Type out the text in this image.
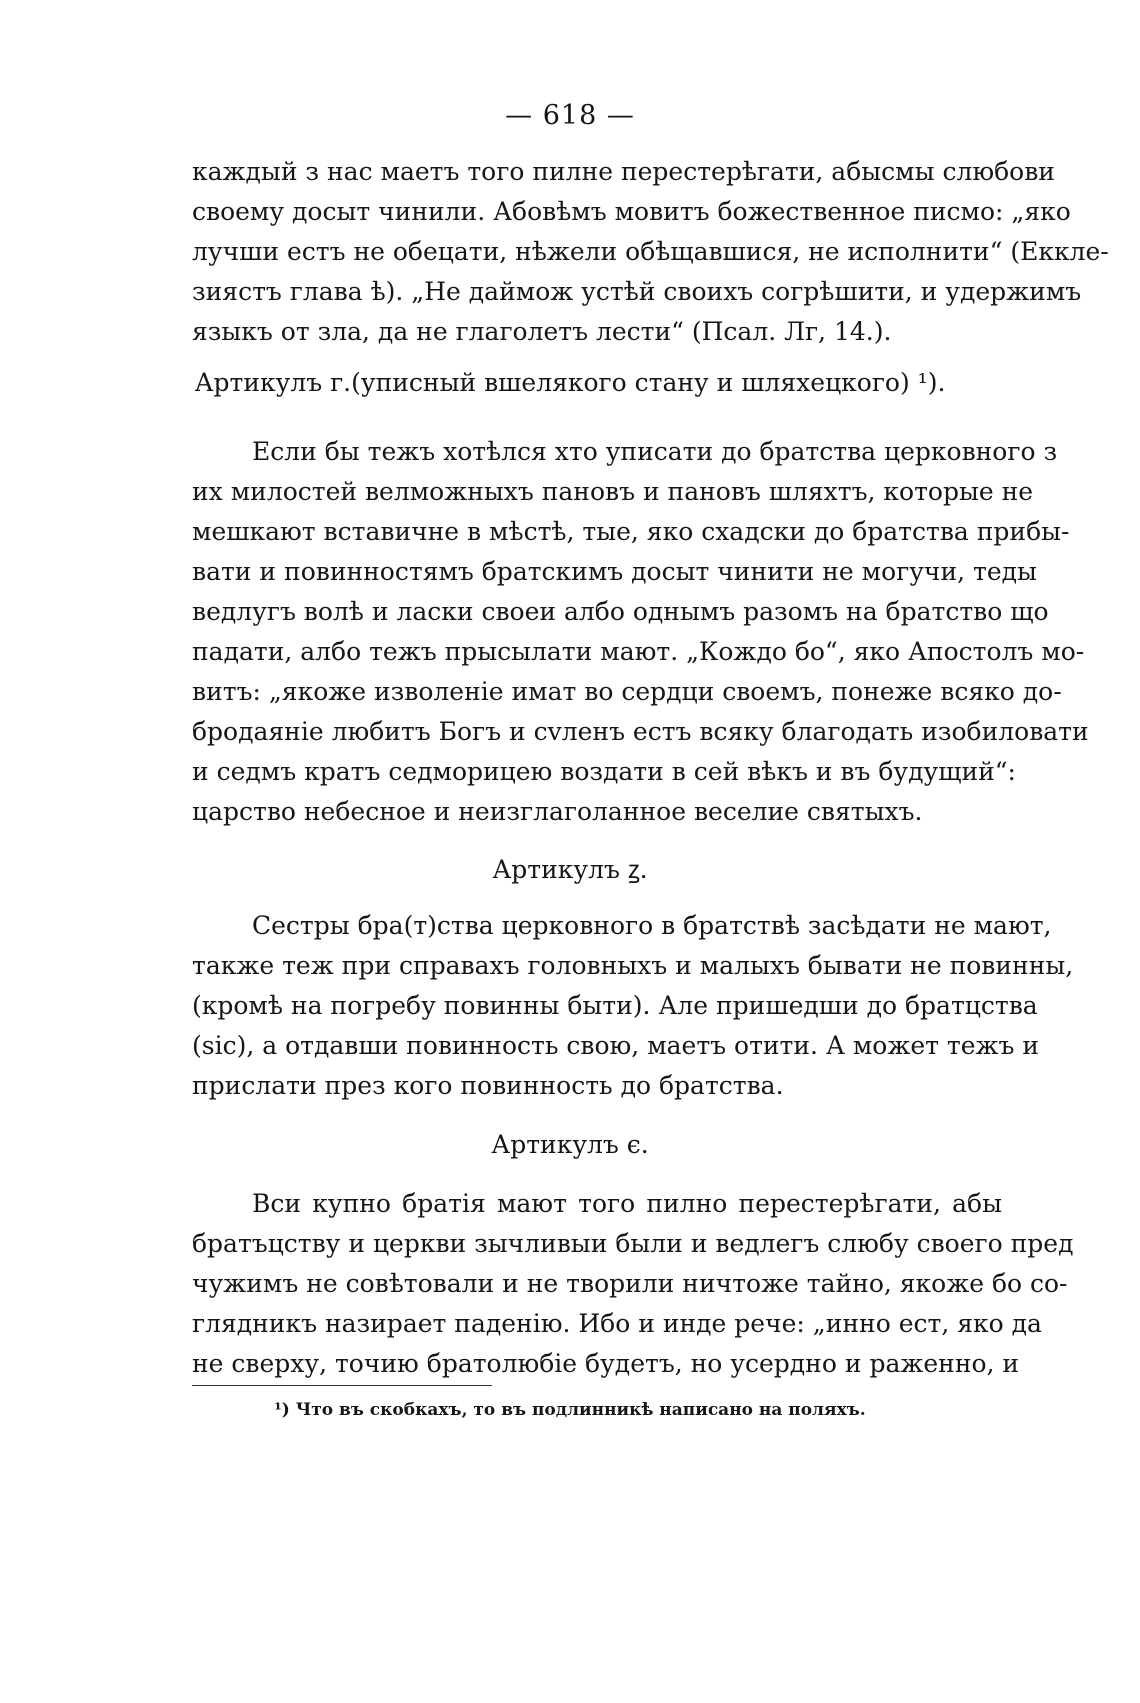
— 618 —
каждый з нас маетъ того пилне перестерѣгати, абысмы слюбови
своему досыт чинили. Абовѣмъ мовитъ божественное писмо: „яко
лучши естъ не обецати, нѣжели обѣщавшися, не исполнити“ (Еккле-
зиястъ глава ѣ). „Не даймож устѣй своихъ согрѣшити, и удержимъ
языкъ от зла, да не глаголетъ лести“ (Псал. Лг, 14.).
Артикулъ г.(уписный вшелякого стану и шляхецкого) ¹).
Если бы тежъ хотѣлся хто уписати до братства церковного з
их милостей велможныхъ пановъ и пановъ шляхтъ, которые не
мешкают вставичне в мѣстѣ, тые, яко схадски до братства прибы-
вати и повинностямъ братскимъ досыт чинити не могучи, теды
ведлугъ волѣ и ласки своеи албо однымъ разомъ на братство що
падати, албо тежъ прысылати мают. „Кождо бо“, яко Апостолъ мо-
витъ: „якоже изволеніе имат во сердци своемъ, понеже всяко до-
бродаяніе любитъ Богъ и сvленъ естъ всяку благодать изобиловати
и седмъ кратъ седморицею воздати в сей вѣкъ и въ будущий“:
царство небесное и неизглаголанное веселие святыхъ.
Артикулъ ꙁ.
Сестры бра(т)ства церковного в братствѣ засѣдати не мают,
также теж при справахъ головныхъ и малыхъ бывати не повинны,
(кромѣ на погребу повинны быти). Але пришедши до братцства
(sic), а отдавши повинность свою, маетъ отити. А может тежъ и
прислати през кого повинность до братства.
Артикулъ є.
Вси купно братія мают того пилно перестерѣгати, абы
братъцству и церкви зычливыи были и ведлегъ слюбу своего пред
чужимъ не совѣтовали и не творили ничтоже тайно, якоже бо со-
глядникъ назирает паденію. Ибо и инде рече: „инно ест, яко да
не сверху, точию братолюбіе будетъ, но усердно и раженно, и
¹) Что въ скобкахъ, то въ подлинникѣ написано на поляхъ.
